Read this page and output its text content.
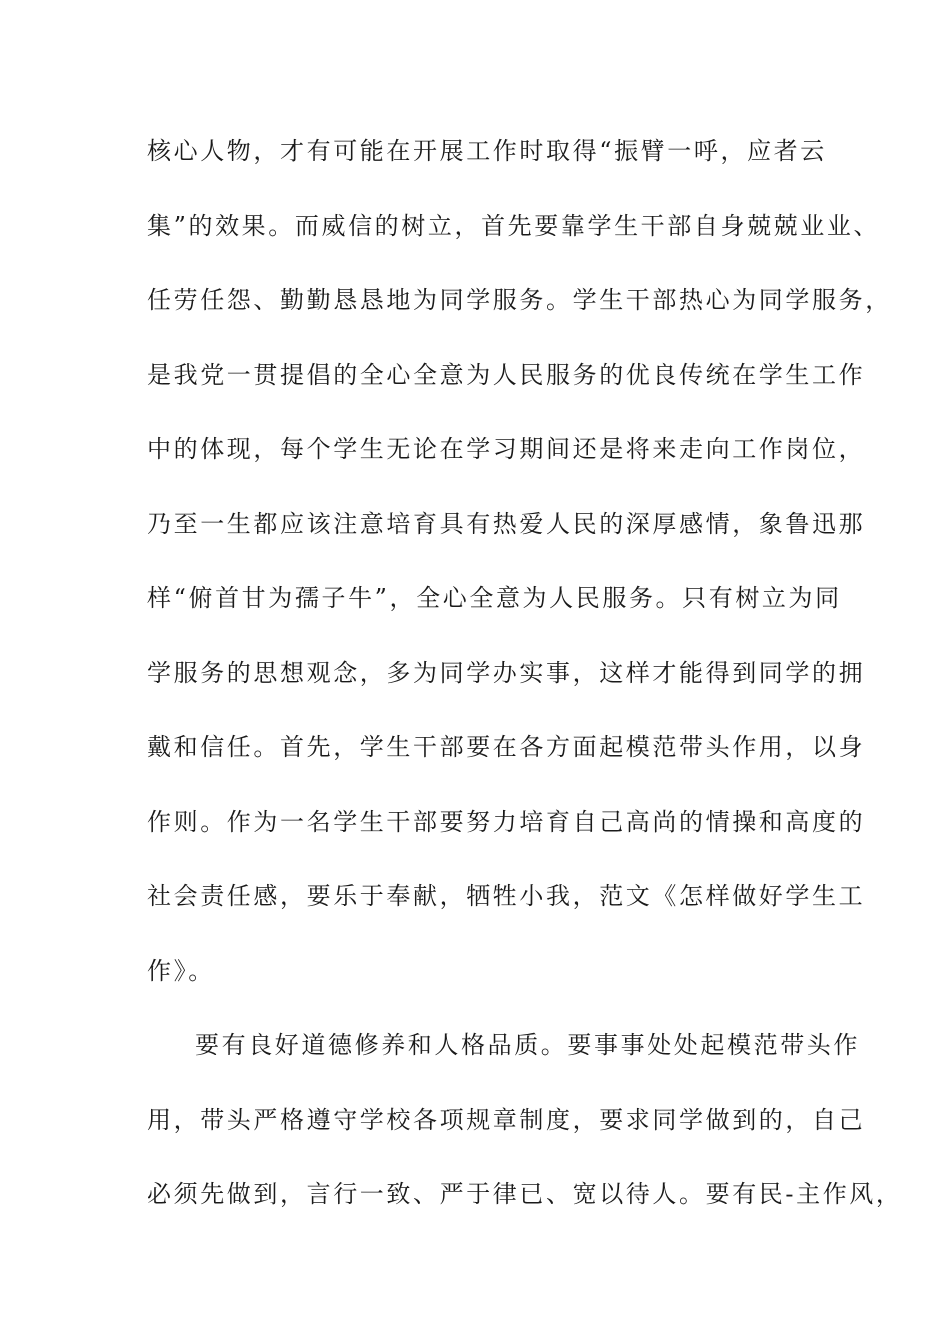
核心人物，才有可能在开展工作时取得“振臂一呼，应者云
集”的效果。而威信的树立，首先要靠学生干部自身兢兢业业、
任劳任怨、勤勤恳恳地为同学服务。学生干部热心为同学服务，
是我党一贯提倡的全心全意为人民服务的优良传统在学生工作
中的体现，每个学生无论在学习期间还是将来走向工作岗位，
乃至一生都应该注意培育具有热爱人民的深厚感情，象鲁迅那
样“俯首甘为孺子牛”，全心全意为人民服务。只有树立为同
学服务的思想观念，多为同学办实事，这样才能得到同学的拥
戴和信任。首先，学生干部要在各方面起模范带头作用，以身
作则。作为一名学生干部要努力培育自己高尚的情操和高度的
社会责任感，要乐于奉献，牺牲小我，范文《怎样做好学生工
作》。
要有良好道德修养和人格品质。要事事处处起模范带头作
用，带头严格遵守学校各项规章制度，要求同学做到的，自己
必须先做到，言行一致、严于律已、宽以待人。要有民-主作风，
